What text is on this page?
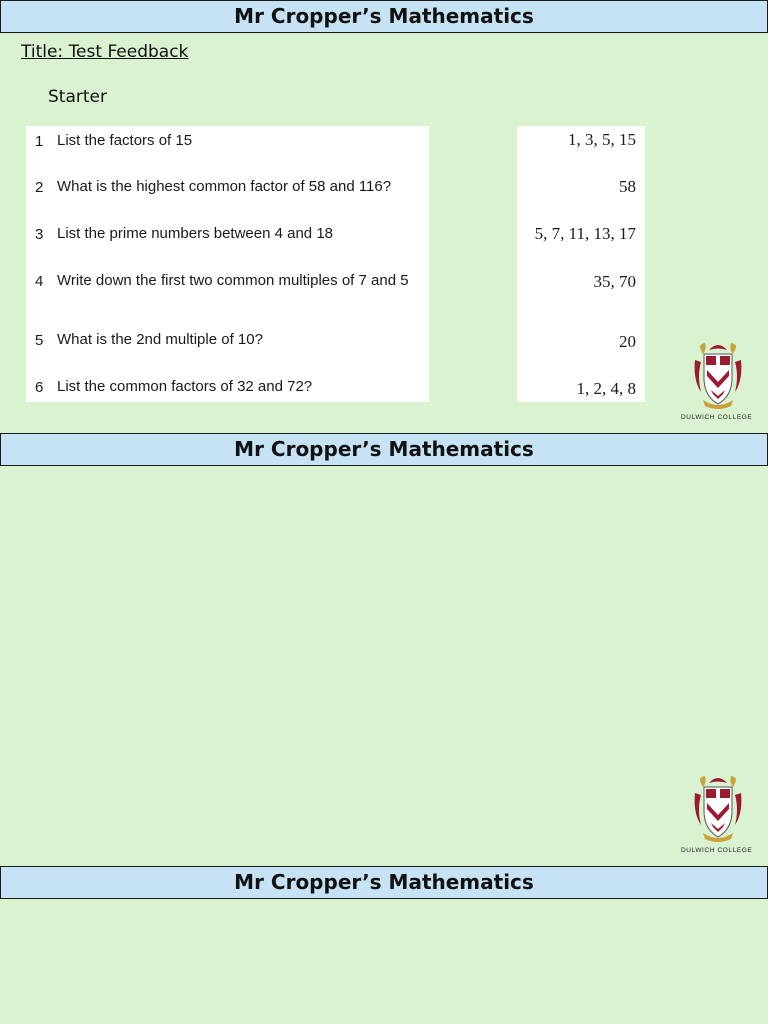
Mr Cropper’s Mathematics
Title: Test Feedback
Starter
1 List the factors of 15
2 What is the highest common factor of 58 and 116?
3 List the prime numbers between 4 and 18
4 Write down the first two common multiples of 7 and 5
5 What is the 2nd multiple of 10?
6 List the common factors of 32 and 72?
1, 3, 5, 15
58
5, 7, 11, 13, 17
35, 70
20
1, 2, 4, 8
DULWICH COLLEGE
Mr Cropper’s Mathematics
DULWICH COLLEGE
Mr Cropper’s Mathematics
